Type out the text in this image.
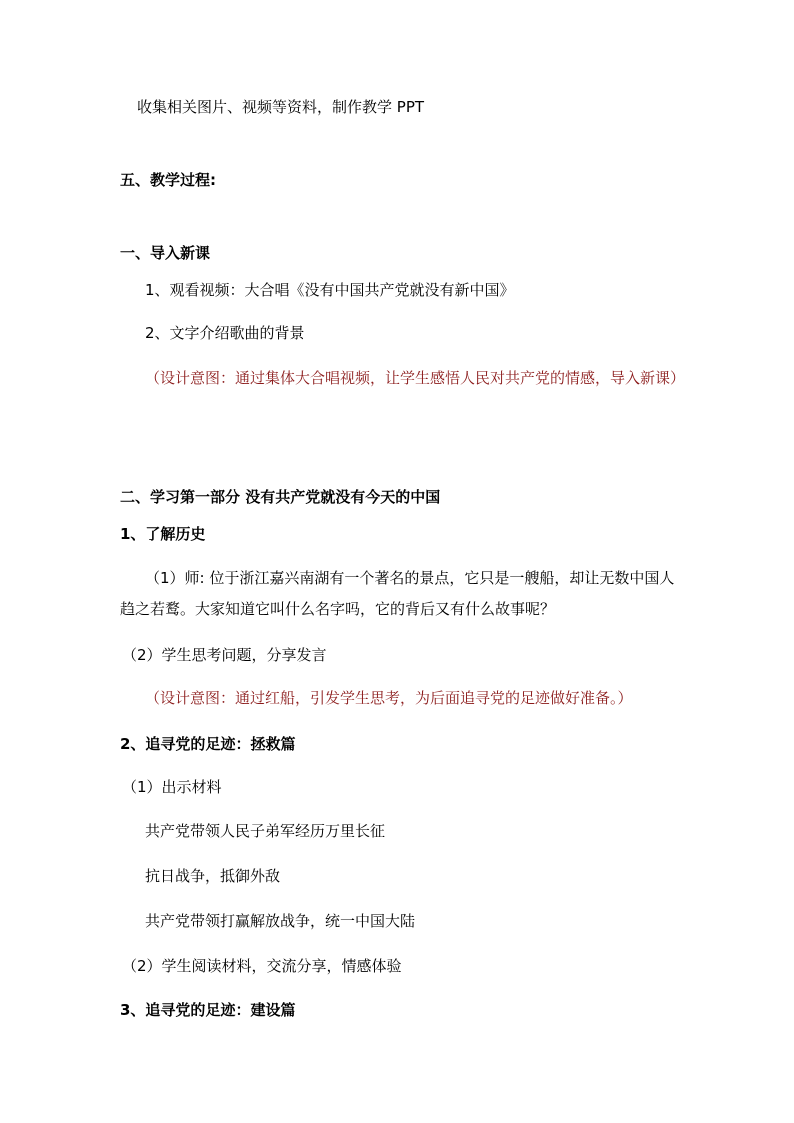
收集相关图片、视频等资料，制作教学 PPT
五、教学过程:
一、导入新课
1、观看视频：大合唱《没有中国共产党就没有新中国》
2、文字介绍歌曲的背景
（设计意图：通过集体大合唱视频，让学生感悟人民对共产党的情感，导入新课）
二、学习第一部分 没有共产党就没有今天的中国
1、了解历史
（1）师: 位于浙江嘉兴南湖有一个著名的景点，它只是一艘船，却让无数中国人趋之若鹜。大家知道它叫什么名字吗，它的背后又有什么故事呢？
（2）学生思考问题，分享发言
（设计意图：通过红船，引发学生思考，为后面追寻党的足迹做好准备。）
2、追寻党的足迹：拯救篇
（1）出示材料
共产党带领人民子弟军经历万里长征
抗日战争，抵御外敌
共产党带领打赢解放战争，统一中国大陆
（2）学生阅读材料，交流分享，情感体验
3、追寻党的足迹：建设篇
